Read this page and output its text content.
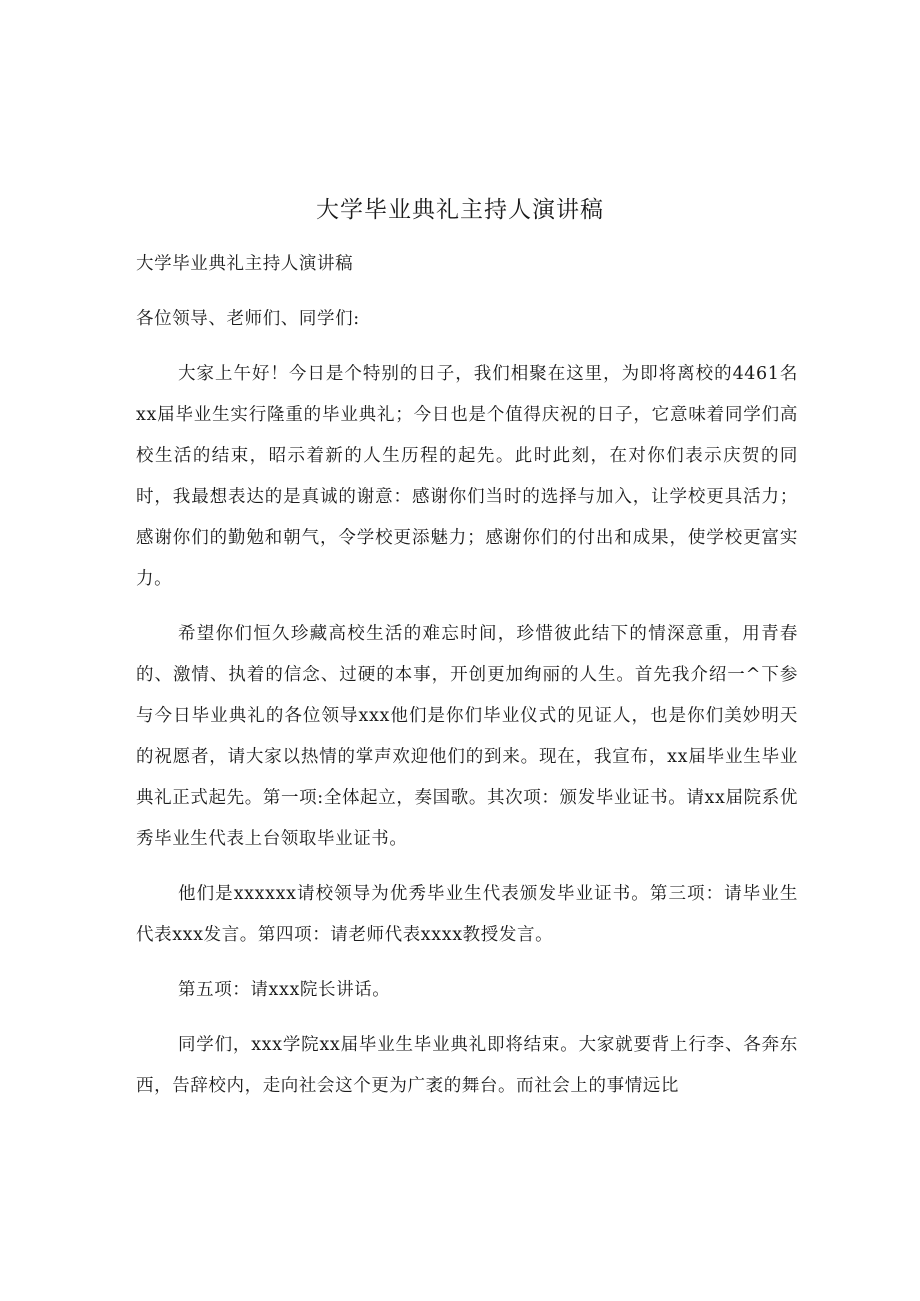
大学毕业典礼主持人演讲稿

大学毕业典礼主持人演讲稿

各位领导、老师们、同学们:

大家上午好！今日是个特别的日子，我们相聚在这里，为即将离校的4461名xx届毕业生实行隆重的毕业典礼；今日也是个值得庆祝的日子，它意味着同学们高校生活的结束，昭示着新的人生历程的起先。此时此刻，在对你们表示庆贺的同时，我最想表达的是真诚的谢意：感谢你们当时的选择与加入，让学校更具活力；感谢你们的勤勉和朝气，令学校更添魅力；感谢你们的付出和成果，使学校更富实力。

希望你们恒久珍藏高校生活的难忘时间，珍惜彼此结下的情深意重，用青春的、激情、执着的信念、过硬的本事，开创更加绚丽的人生。首先我介绍一^下参与今日毕业典礼的各位领导xxx他们是你们毕业仪式的见证人，也是你们美妙明天的祝愿者，请大家以热情的掌声欢迎他们的到来。现在，我宣布，xx届毕业生毕业典礼正式起先。第一项:全体起立，奏国歌。其次项：颁发毕业证书。请xx届院系优秀毕业生代表上台领取毕业证书。

他们是xxxxxx请校领导为优秀毕业生代表颁发毕业证书。第三项：请毕业生代表xxx发言。第四项：请老师代表xxxx教授发言。

第五项：请xxx院长讲话。

同学们，xxx学院xx届毕业生毕业典礼即将结束。大家就要背上行李、各奔东西，告辞校内，走向社会这个更为广袤的舞台。而社会上的事情远比
